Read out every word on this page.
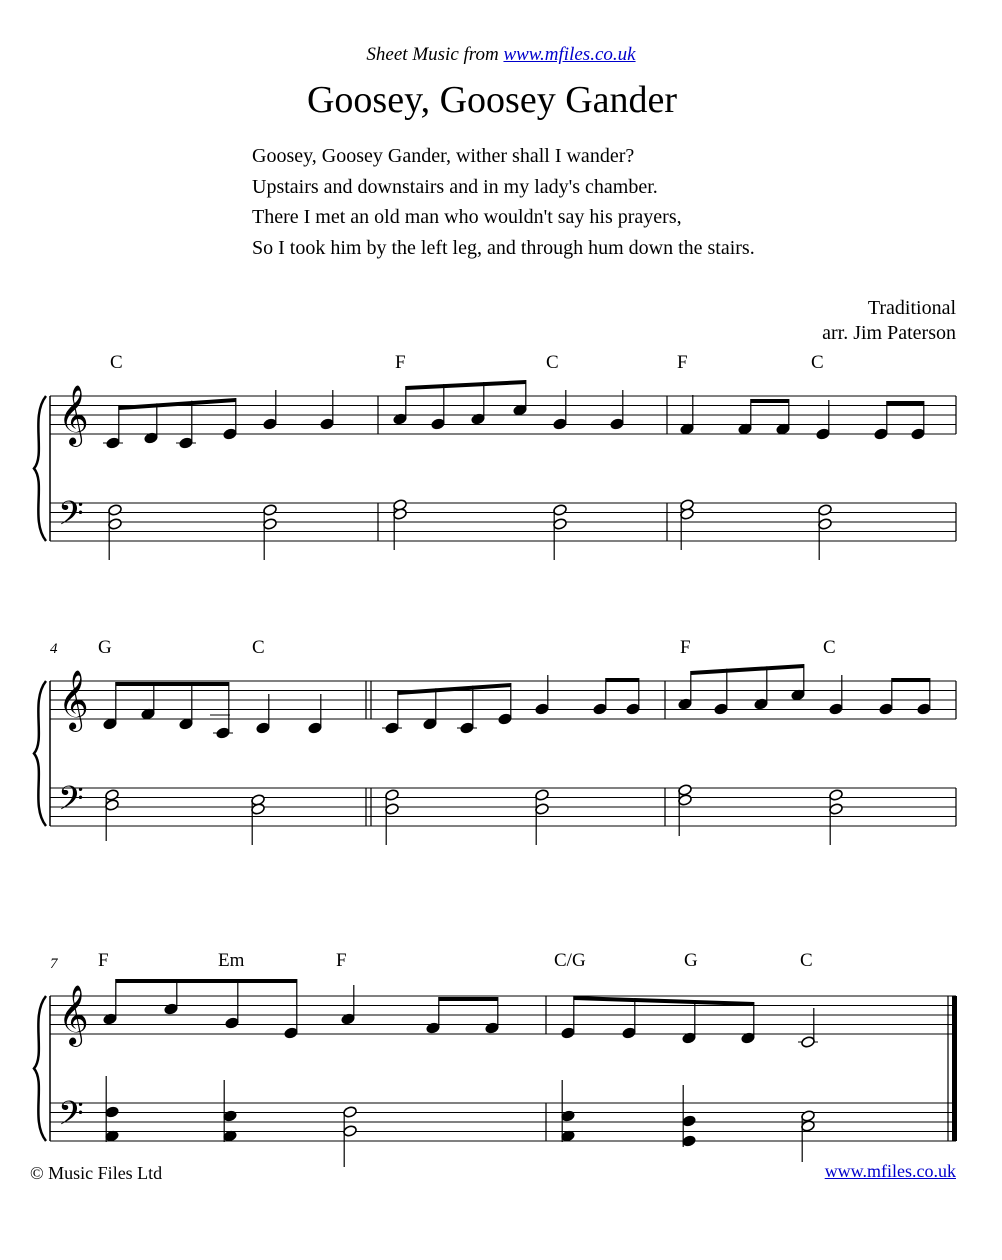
Sheet Music from www.mfiles.co.uk
Goosey, Goosey Gander
Goosey, Goosey Gander, wither shall I wander?
Upstairs and downstairs and in my lady's chamber.
There I met an old man who wouldn't say his prayers,
So I took him by the left leg, and through hum down the stairs.
Traditional
arr. Jim Paterson
C	F	C	F	C
4 G	C	F	C
7 F	Em	F	C/G	G	C
𝄞
𝄢
𝄞
𝄢
𝄞
𝄢
© Music Files Ltd	www.mfiles.co.uk
